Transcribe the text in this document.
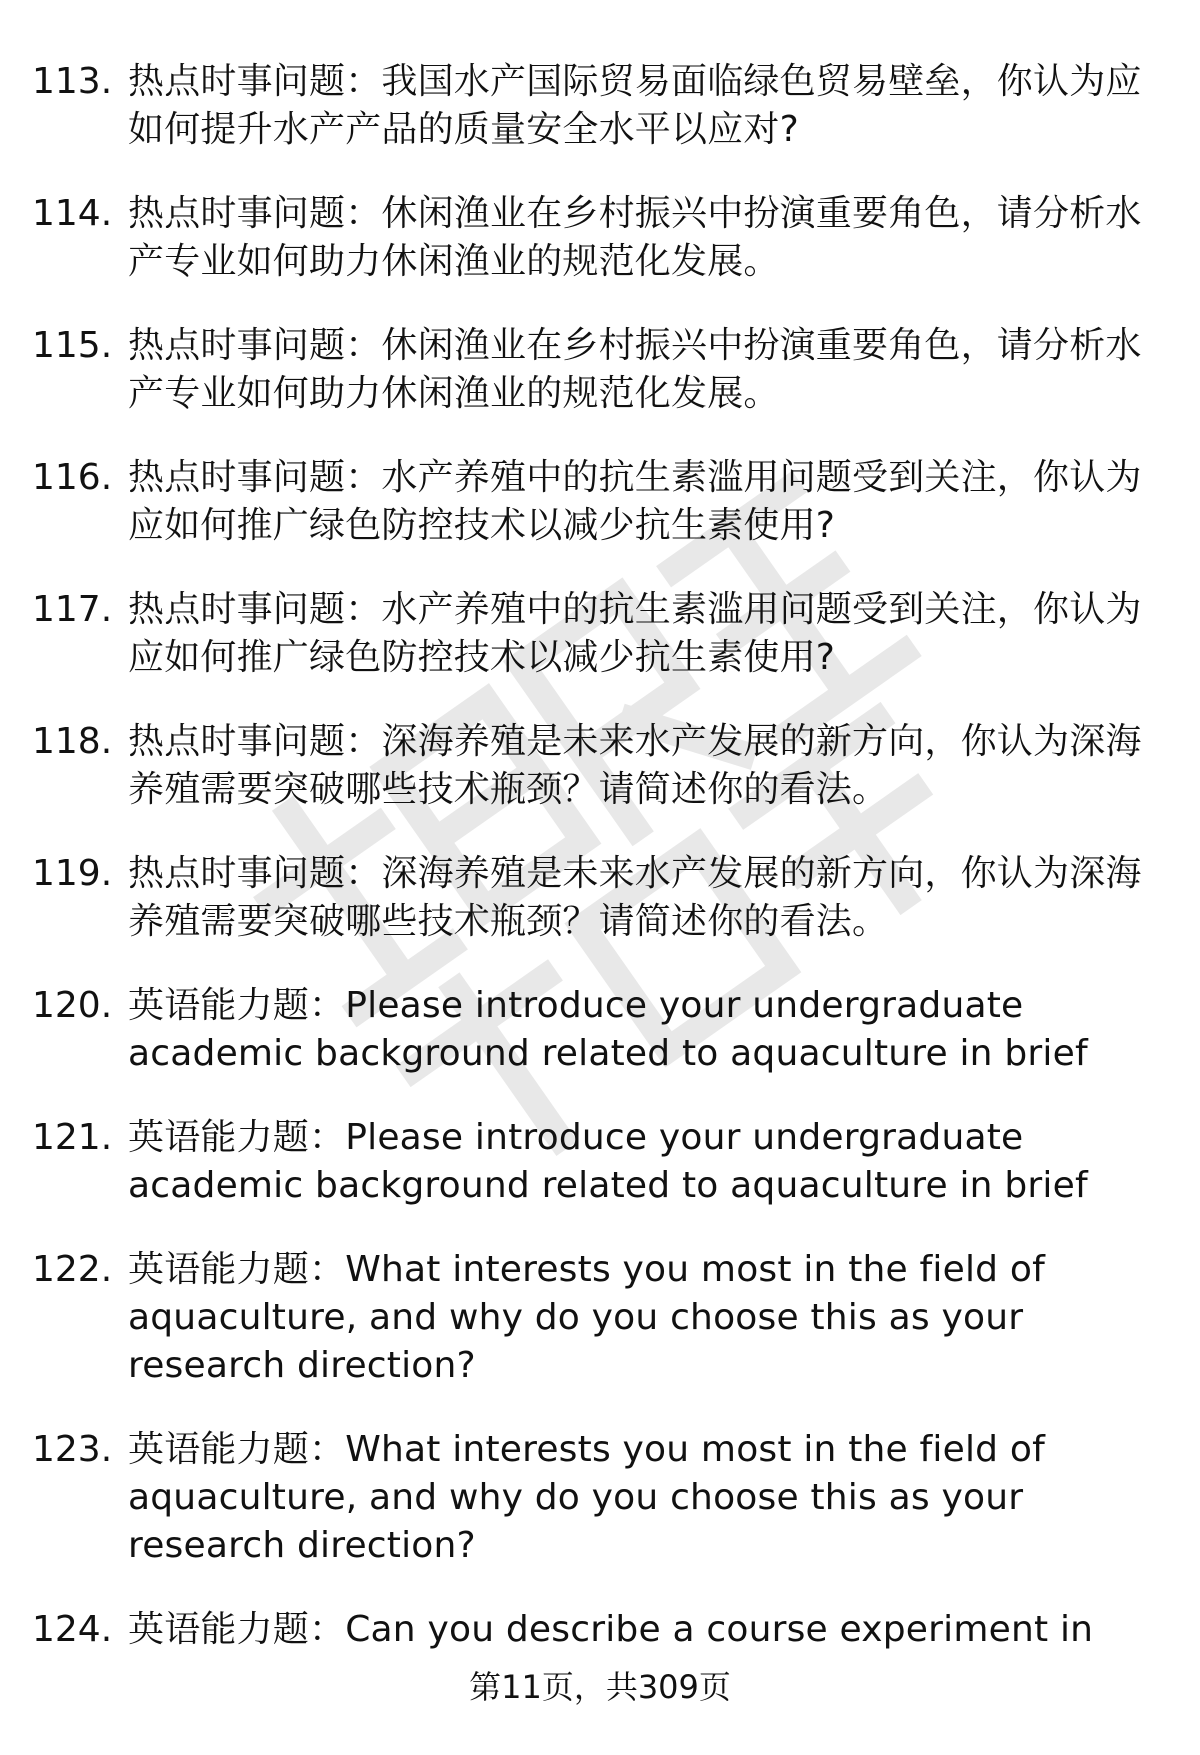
113. 热点时事问题：我国水产国际贸易面临绿色贸易壁垒，你认为应如何提升水产产品的质量安全水平以应对?
114. 热点时事问题：休闲渔业在乡村振兴中扮演重要角色，请分析水产专业如何助力休闲渔业的规范化发展。
115. 热点时事问题：休闲渔业在乡村振兴中扮演重要角色，请分析水产专业如何助力休闲渔业的规范化发展。
116. 热点时事问题：水产养殖中的抗生素滥用问题受到关注，你认为应如何推广绿色防控技术以减少抗生素使用?
117. 热点时事问题：水产养殖中的抗生素滥用问题受到关注，你认为应如何推广绿色防控技术以减少抗生素使用?
118. 热点时事问题：深海养殖是未来水产发展的新方向，你认为深海养殖需要突破哪些技术瓶颈？请简述你的看法。
119. 热点时事问题：深海养殖是未来水产发展的新方向，你认为深海养殖需要突破哪些技术瓶颈？请简述你的看法。
120. 英语能力题：Please introduce your undergraduate academic background related to aquaculture in brief
121. 英语能力题：Please introduce your undergraduate academic background related to aquaculture in brief
122. 英语能力题：What interests you most in the field of aquaculture, and why do you choose this as your research direction?
123. 英语能力题：What interests you most in the field of aquaculture, and why do you choose this as your research direction?
124. 英语能力题：Can you describe a course experiment in
第11页，共309页
